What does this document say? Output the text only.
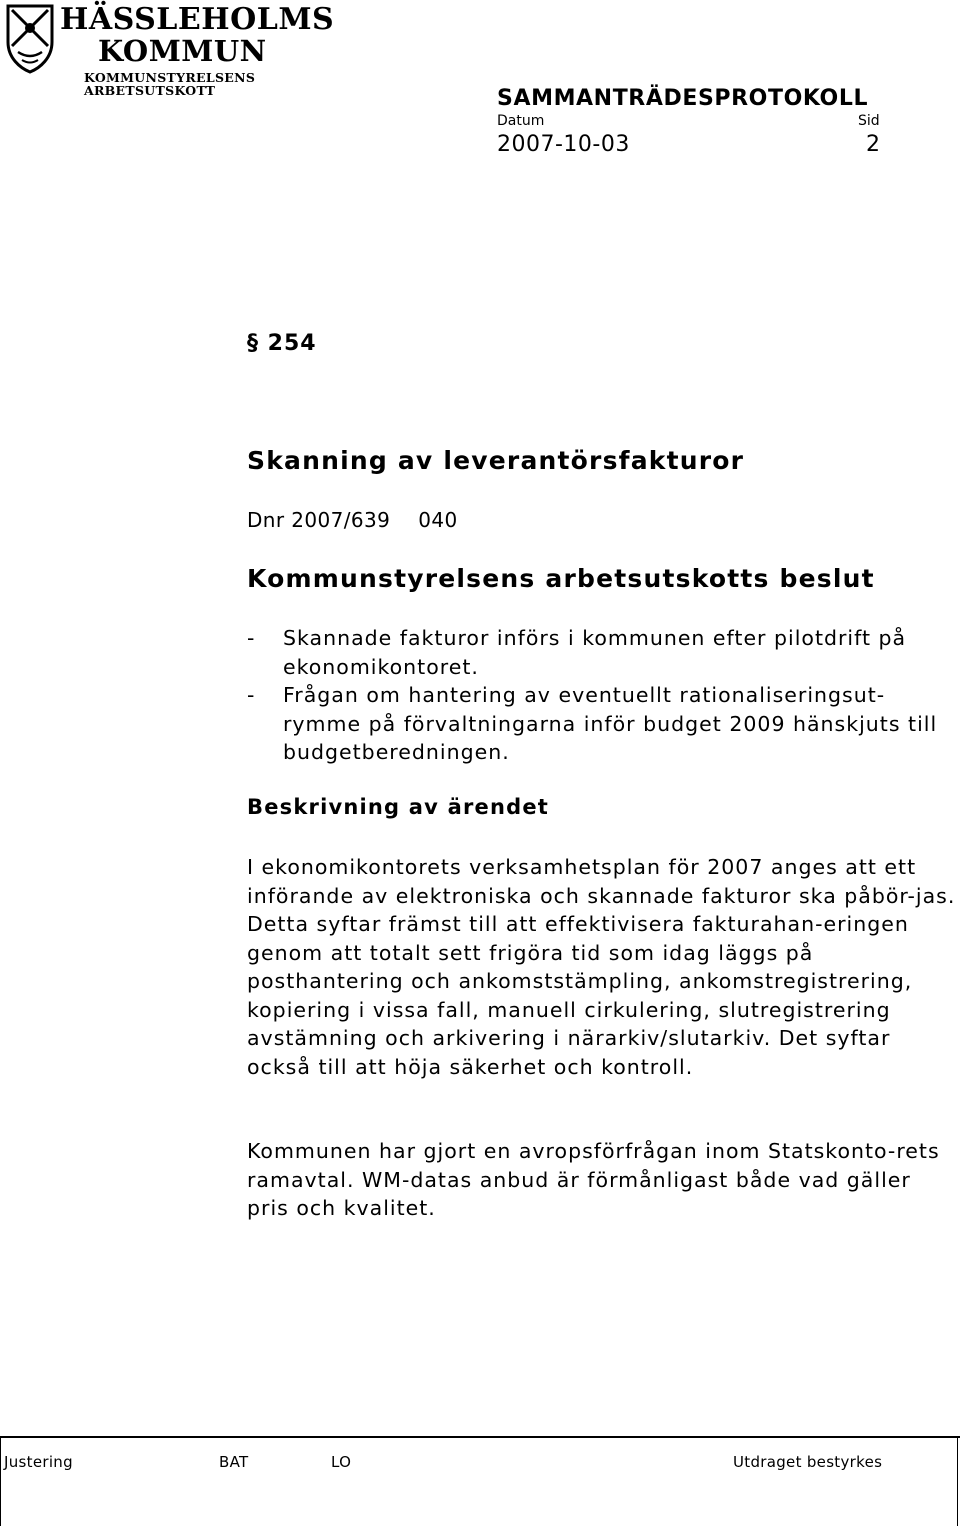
HÄSSLEHOLMS
KOMMUN
KOMMUNSTYRELSENS
ARBETSUTSKOTT	SAMMANTRÄDESPROTOKOLL
Datum	Sid
2007-10-03	2
§ 254
Skanning av leverantörsfakturor
Dnr 2007/639 040
Kommunstyrelsens arbetsutskotts beslut
- Skannade fakturor införs i kommunen efter pilotdrift på ekonomikontoret.
- Frågan om hantering av eventuellt rationaliseringsut-rymme på förvaltningarna inför budget 2009 hänskjuts till budgetberedningen.
Beskrivning av ärendet
I ekonomikontorets verksamhetsplan för 2007 anges att ett införande av elektroniska och skannade fakturor ska påbör-jas. Detta syftar främst till att effektivisera fakturahan-eringen genom att totalt sett frigöra tid som idag läggs på posthantering och ankomststämpling, ankomstregistrering, kopiering i vissa fall, manuell cirkulering, slutregistrering avstämning och arkivering i närarkiv/slutarkiv. Det syftar också till att höja säkerhet och kontroll.
Kommunen har gjort en avropsförfrågan inom Statskonto-rets ramavtal. WM-datas anbud är förmånligast både vad gäller pris och kvalitet.
Justering	BAT	LO	Utdraget bestyrkes
